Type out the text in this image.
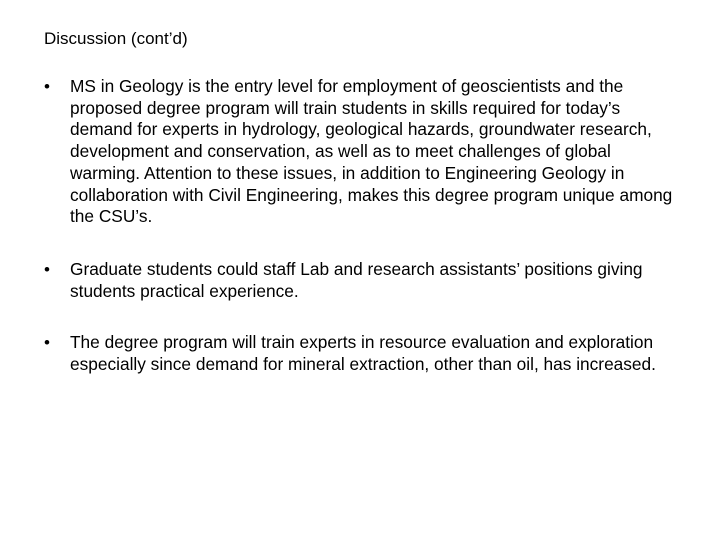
Discussion (cont’d)
• MS in Geology is the entry level for employment of geoscientists and the proposed degree program will train students in skills required for today’s demand for experts in hydrology, geological hazards, groundwater research, development and conservation, as well as to meet challenges of global warming. Attention to these issues, in addition to Engineering Geology in collaboration with Civil Engineering, makes this degree program unique among the CSU’s.
• Graduate students could staff Lab and research assistants’ positions giving students practical experience.
• The degree program will train experts in resource evaluation and exploration especially since demand for mineral extraction, other than oil, has increased.
